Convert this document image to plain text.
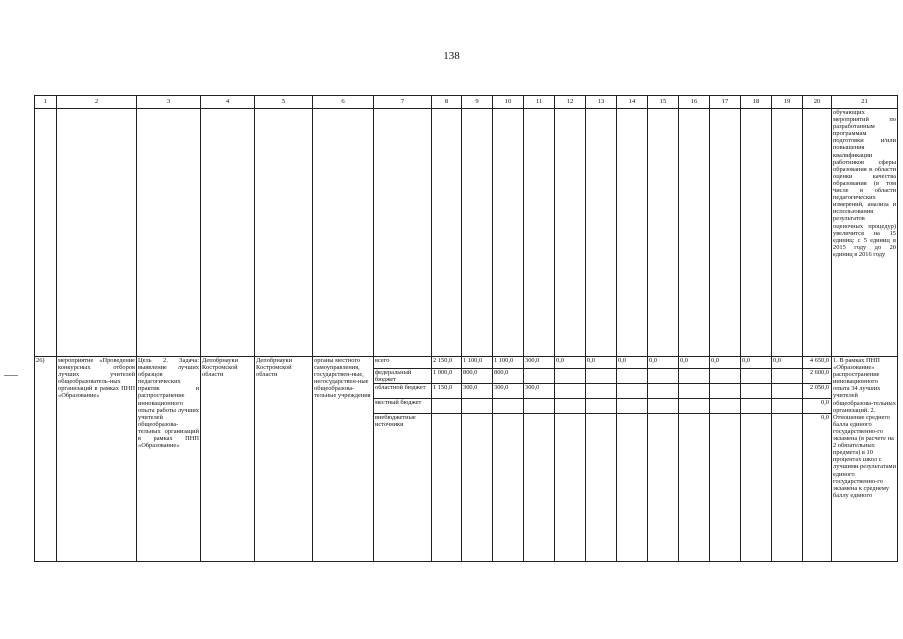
138
1	2	3	4	5	6	7	8	9	10	11	12	13	14	15	16	17	18	19	20	21
																				обучающих мероприятий по разработанным программам подготовки и/или повышения квалификации работников сферы образования в области оценки качества образования (в том числе в области педагогических измерений, анализа и использования результатов оценочных процедур) увеличится на 15 единиц: с 5 единиц в 2015 году до 20 единиц в 2016 году
26)	мероприятие «Проведение конкурсных отборов лучших учителей общеобразователь-ных организаций в рамках ПНП «Образование»	Цель 2. Задача: выявление лучших образцов педагогических практик и распространение инновационного опыта работы лучших учителей общеобразова-тельных организаций в рамках ПНП «Образование»	Депобрнауки Костромской области	Депобрнауки Костромской области	органы местного самоуправления, государствен-ные, негосударствен-ные общеобразова-тельные учреждения	всего	2 150,0	1 100,0	1 100,0	300,0	0,0	0,0	0,0	0,0	0,0	0,0	0,0	0,0	4 650,0	1. В рамках ПНП «Образование» распространение инновационного опыта 34 лучших учителей общеобразова-тельных организаций. 2. Отношение среднего балла единого государственно-го экзамена (в расчете на 2 обязательных предмета) в 10 процентах школ с лучшими результатами единого государственно-го экзамена к среднему баллу единого
						федеральный бюджет	1 000,0	800,0	800,0										2 600,0	
						областной бюджет	1 150,0	300,0	300,0	300,0									2 050,0	
						местный бюджет													0,0	
						внебюджетные источники													0,0	
